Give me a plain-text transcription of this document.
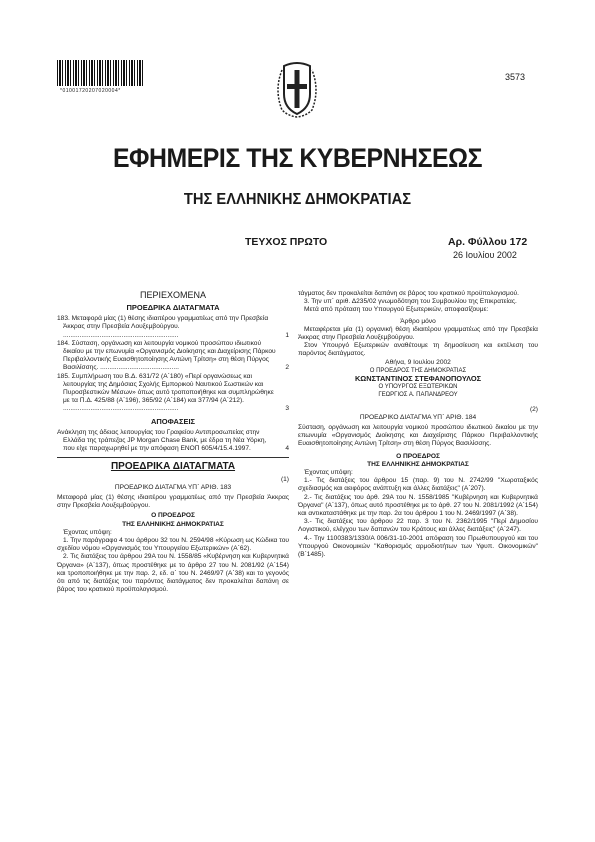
*01001720207020004*
3573
ΕΦΗΜΕΡΙΣ ΤΗΣ ΚΥΒΕΡΝΗΣΕΩΣ
ΤΗΣ ΕΛΛΗΝΙΚΗΣ ΔΗΜΟΚΡΑΤΙΑΣ
ΤΕΥΧΟΣ ΠΡΩΤΟ	Αρ. Φύλλου 172
26 Ιουλίου 2002
ΠΕΡΙΕΧΟΜΕΝΑ
ΠΡΟΕΔΡΙΚΑ ΔΙΑΤΑΓΜΑΤΑ
183. Μεταφορά μίας (1) θέσης ιδιαιτέρου γραμματέως από την Πρεσβεία Άκκρας στην Πρεσβεία Λουξεμβούργου. ...............................................................	1
184. Σύσταση, οργάνωση και λειτουργία νομικού προσώπου ιδιωτικού δικαίου με την επωνυμία «Οργανισμός Διοίκησης και Διαχείρισης Πάρκου Περιβαλλοντικής Ευαισθητοποίησης Αντώνη Τρίτση» στη θέση Πύργος Βασιλίσσης. ...........................................	2
185. Συμπλήρωση του Β.Δ. 631/72 (Α΄180) «Περί οργανώσεως και λειτουργίας της Δημόσιας Σχολής Εμπορικού Ναυτικού Σωστικών και Πυροσβεστικών Μέσων» όπως αυτό τροποποιήθηκε και συμπληρώθηκε με τα Π.Δ. 425/88 (Α΄196), 365/92 (Α΄184) και 377/94 (Α΄212). ...............................................................	3
ΑΠΟΦΑΣΕΙΣ
Ανάκληση της άδειας λειτουργίας του Γραφείου Αντιπροσωπείας στην Ελλάδα της τράπεζας JP Morgan Chase Bank, με έδρα τη Νέα Υόρκη, που είχε παραχωρηθεί με την απόφαση ΕΝΟΠ 605/4/15.4.1997.	4
ΠΡΟΕΔΡΙΚΑ ΔΙΑΤΑΓΜΑΤΑ
(1)
ΠΡΟΕΔΡΙΚΟ ΔΙΑΤΑΓΜΑ ΥΠ΄ ΑΡΙΘ. 183
Μεταφορά μίας (1) θέσης ιδιαιτέρου γραμματέως από την Πρεσβεία Άκκρας στην Πρεσβεία Λουξεμβούργου.
Ο ΠΡΟΕΔΡΟΣ
ΤΗΣ ΕΛΛΗΝΙΚΗΣ ΔΗΜΟΚΡΑΤΙΑΣ
Έχοντας υπόψη:
1. Την παράγραφο 4 του άρθρου 32 του Ν. 2594/98 «Κύρωση ως Κώδικα του σχεδίου νόμου «Οργανισμός του Υπουργείου Εξωτερικών» (Α΄62).
2. Τις διατάξεις του άρθρου 29Α του Ν. 1558/85 «Κυβέρνηση και Κυβερνητικά Όργανα» (Α΄137), όπως προστέθηκε με το άρθρο 27 του Ν. 2081/92 (Α΄154) και τροποποιήθηκε με την παρ. 2, εδ. α΄ του Ν. 2469/97 (Α΄38) και το γεγονός ότι από τις διατάξεις του παρόντος διατάγματος δεν προκαλείται δαπάνη σε βάρος του κρατικού προϋπολογισμού.
τάγματος δεν προκαλείται δαπάνη σε βάρος του κρατικού προϋπολογισμού.
3. Την υπ΄ αριθ. Δ235/02 γνωμοδότηση του Συμβουλίου της Επικρατείας.
Μετά από πρόταση του Υπουργού Εξωτερικών, αποφασίζουμε:
Άρθρο μόνο
Μεταφέρεται μία (1) οργανική θέση ιδιαιτέρου γραμματέως από την Πρεσβεία Άκκρας στην Πρεσβεία Λουξεμβούργου.
Στον Υπουργό Εξωτερικών αναθέτουμε τη δημοσίευση και εκτέλεση του παρόντος διατάγματος.
Αθήνα, 9 Ιουλίου 2002
Ο ΠΡΟΕΔΡΟΣ ΤΗΣ ΔΗΜΟΚΡΑΤΙΑΣ
ΚΩΝΣΤΑΝΤΙΝΟΣ ΣΤΕΦΑΝΟΠΟΥΛΟΣ
Ο ΥΠΟΥΡΓΟΣ ΕΞΩΤΕΡΙΚΩΝ
ΓΕΩΡΓΙΟΣ Α. ΠΑΠΑΝΔΡΕΟΥ
(2)
ΠΡΟΕΔΡΙΚΟ ΔΙΑΤΑΓΜΑ ΥΠ΄ ΑΡΙΘ. 184
Σύσταση, οργάνωση και λειτουργία νομικού προσώπου ιδιωτικού δικαίου με την επωνυμία «Οργανισμός Διοίκησης και Διαχείρισης Πάρκου Περιβαλλοντικής Ευαισθητοποίησης Αντώνη Τρίτση» στη θέση Πύργος Βασιλίσσης.
Ο ΠΡΟΕΔΡΟΣ
ΤΗΣ ΕΛΛΗΝΙΚΗΣ ΔΗΜΟΚΡΑΤΙΑΣ
Έχοντας υπόψη:
1.- Τις διατάξεις του άρθρου 15 (παρ. 9) του Ν. 2742/99 "Χωροταξικός σχεδιασμός και αειφόρος ανάπτυξη και άλλες διατάξεις" (Α΄207).
2.- Τις διατάξεις του άρθ. 29Α του Ν. 1558/1985 "Κυβέρνηση και Κυβερνητικά Όργανα" (Α΄137), όπως αυτό προστέθηκε με το άρθ. 27 του Ν. 2081/1992 (Α΄154) και αντικαταστάθηκε με την παρ. 2α του άρθρου 1 του Ν. 2469/1997 (Α΄38).
3.- Τις διατάξεις του άρθρου 22 παρ. 3 του Ν. 2362/1995 "Περί Δημοσίου Λογιστικού, ελέγχου των δαπανών του Κράτους και άλλες διατάξεις" (Α΄247).
4.- Την 1100383/1330/Α 006/31-10-2001 απόφαση του Πρωθυπουργού και του Υπουργού Οικονομικών "Καθορισμός αρμοδιοτήτων των Υφυπ. Οικονομικών" (Β΄1485).
